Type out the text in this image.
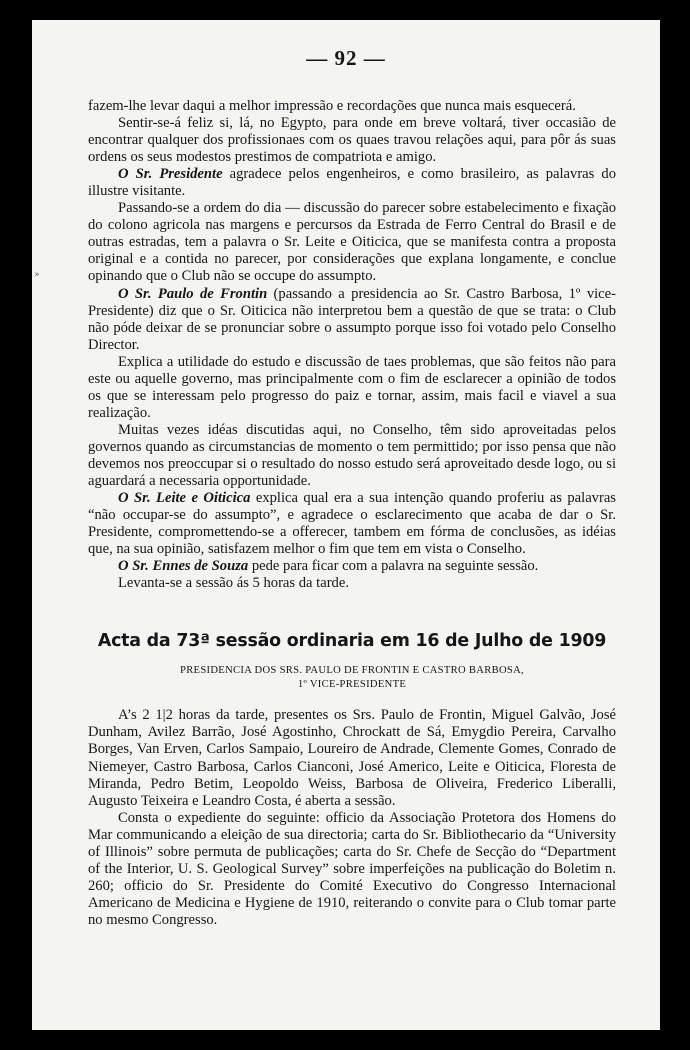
— 92 —
»

fazem-lhe levar daqui a melhor impressão e recordações que nunca mais esquecerá.

Sentir-se-á feliz si, lá, no Egypto, para onde em breve voltará, tiver occasião de encontrar qualquer dos profissionaes com os quaes travou relações aqui, para pôr ás suas ordens os seus modestos prestimos de compatriota e amigo.

O Sr. Presidente agradece pelos engenheiros, e como brasileiro, as palavras do illustre visitante.

Passando-se a ordem do dia — discussão do parecer sobre estabelecimento e fixação do colono agricola nas margens e percursos da Estrada de Ferro Central do Brasil e de outras estradas, tem a palavra o Sr. Leite e Oiticica, que se manifesta contra a proposta original e a contida no parecer, por considerações que explana longamente, e conclue opinando que o Club não se occupe do assumpto.

O Sr. Paulo de Frontin (passando a presidencia ao Sr. Castro Barbosa, 1º vice-Presidente) diz que o Sr. Oiticica não interpretou bem a questão de que se trata: o Club não póde deixar de se pronunciar sobre o assumpto porque isso foi votado pelo Conselho Director.

Explica a utilidade do estudo e discussão de taes problemas, que são feitos não para este ou aquelle governo, mas principalmente com o fim de esclarecer a opinião de todos os que se interessam pelo progresso do paiz e tornar, assim, mais facil e viavel a sua realização.

Muitas vezes idéas discutidas aqui, no Conselho, têm sido aproveitadas pelos governos quando as circumstancias de momento o tem permittido; por isso pensa que não devemos nos preoccupar si o resultado do nosso estudo será aproveitado desde logo, ou si aguardará a necessaria opportunidade.

O Sr. Leite e Oiticica explica qual era a sua intenção quando proferiu as palavras “não occupar-se do assumpto”, e agradece o esclarecimento que acaba de dar o Sr. Presidente, compromettendo-se a offerecer, tambem em fórma de conclusões, as idéias que, na sua opinião, satisfazem melhor o fim que tem em vista o Conselho.

O Sr. Ennes de Souza pede para ficar com a palavra na seguinte sessão.

Levanta-se a sessão ás 5 horas da tarde.

Acta da 73ª sessão ordinaria em 16 de Julho de 1909
PRESIDENCIA DOS SRS. PAULO DE FRONTIN E CASTRO BARBOSA,
1º VICE-PRESIDENTE

A’s 2 1|2 horas da tarde, presentes os Srs. Paulo de Frontin, Miguel Galvão, José Dunham, Avilez Barrão, José Agostinho, Chrockatt de Sá, Emygdio Pereira, Carvalho Borges, Van Erven, Carlos Sampaio, Loureiro de Andrade, Clemente Gomes, Conrado de Niemeyer, Castro Barbosa, Carlos Cianconi, José Americo, Leite e Oiticica, Floresta de Miranda, Pedro Betim, Leopoldo Weiss, Barbosa de Oliveira, Frederico Liberalli, Augusto Teixeira e Leandro Costa, é aberta a sessão.

Consta o expediente do seguinte: officio da Associação Protetora dos Homens do Mar communicando a eleição de sua directoria; carta do Sr. Bibliothecario da “University of Illinois” sobre permuta de publicações; carta do Sr. Chefe de Secção do “Department of the Interior, U. S. Geological Survey” sobre imperfeições na publicação do Boletim n. 260; officio do Sr. Presidente do Comité Executivo do Congresso Internacional Americano de Medicina e Hygiene de 1910, reiterando o convite para o Club tomar parte no mesmo Congresso.
